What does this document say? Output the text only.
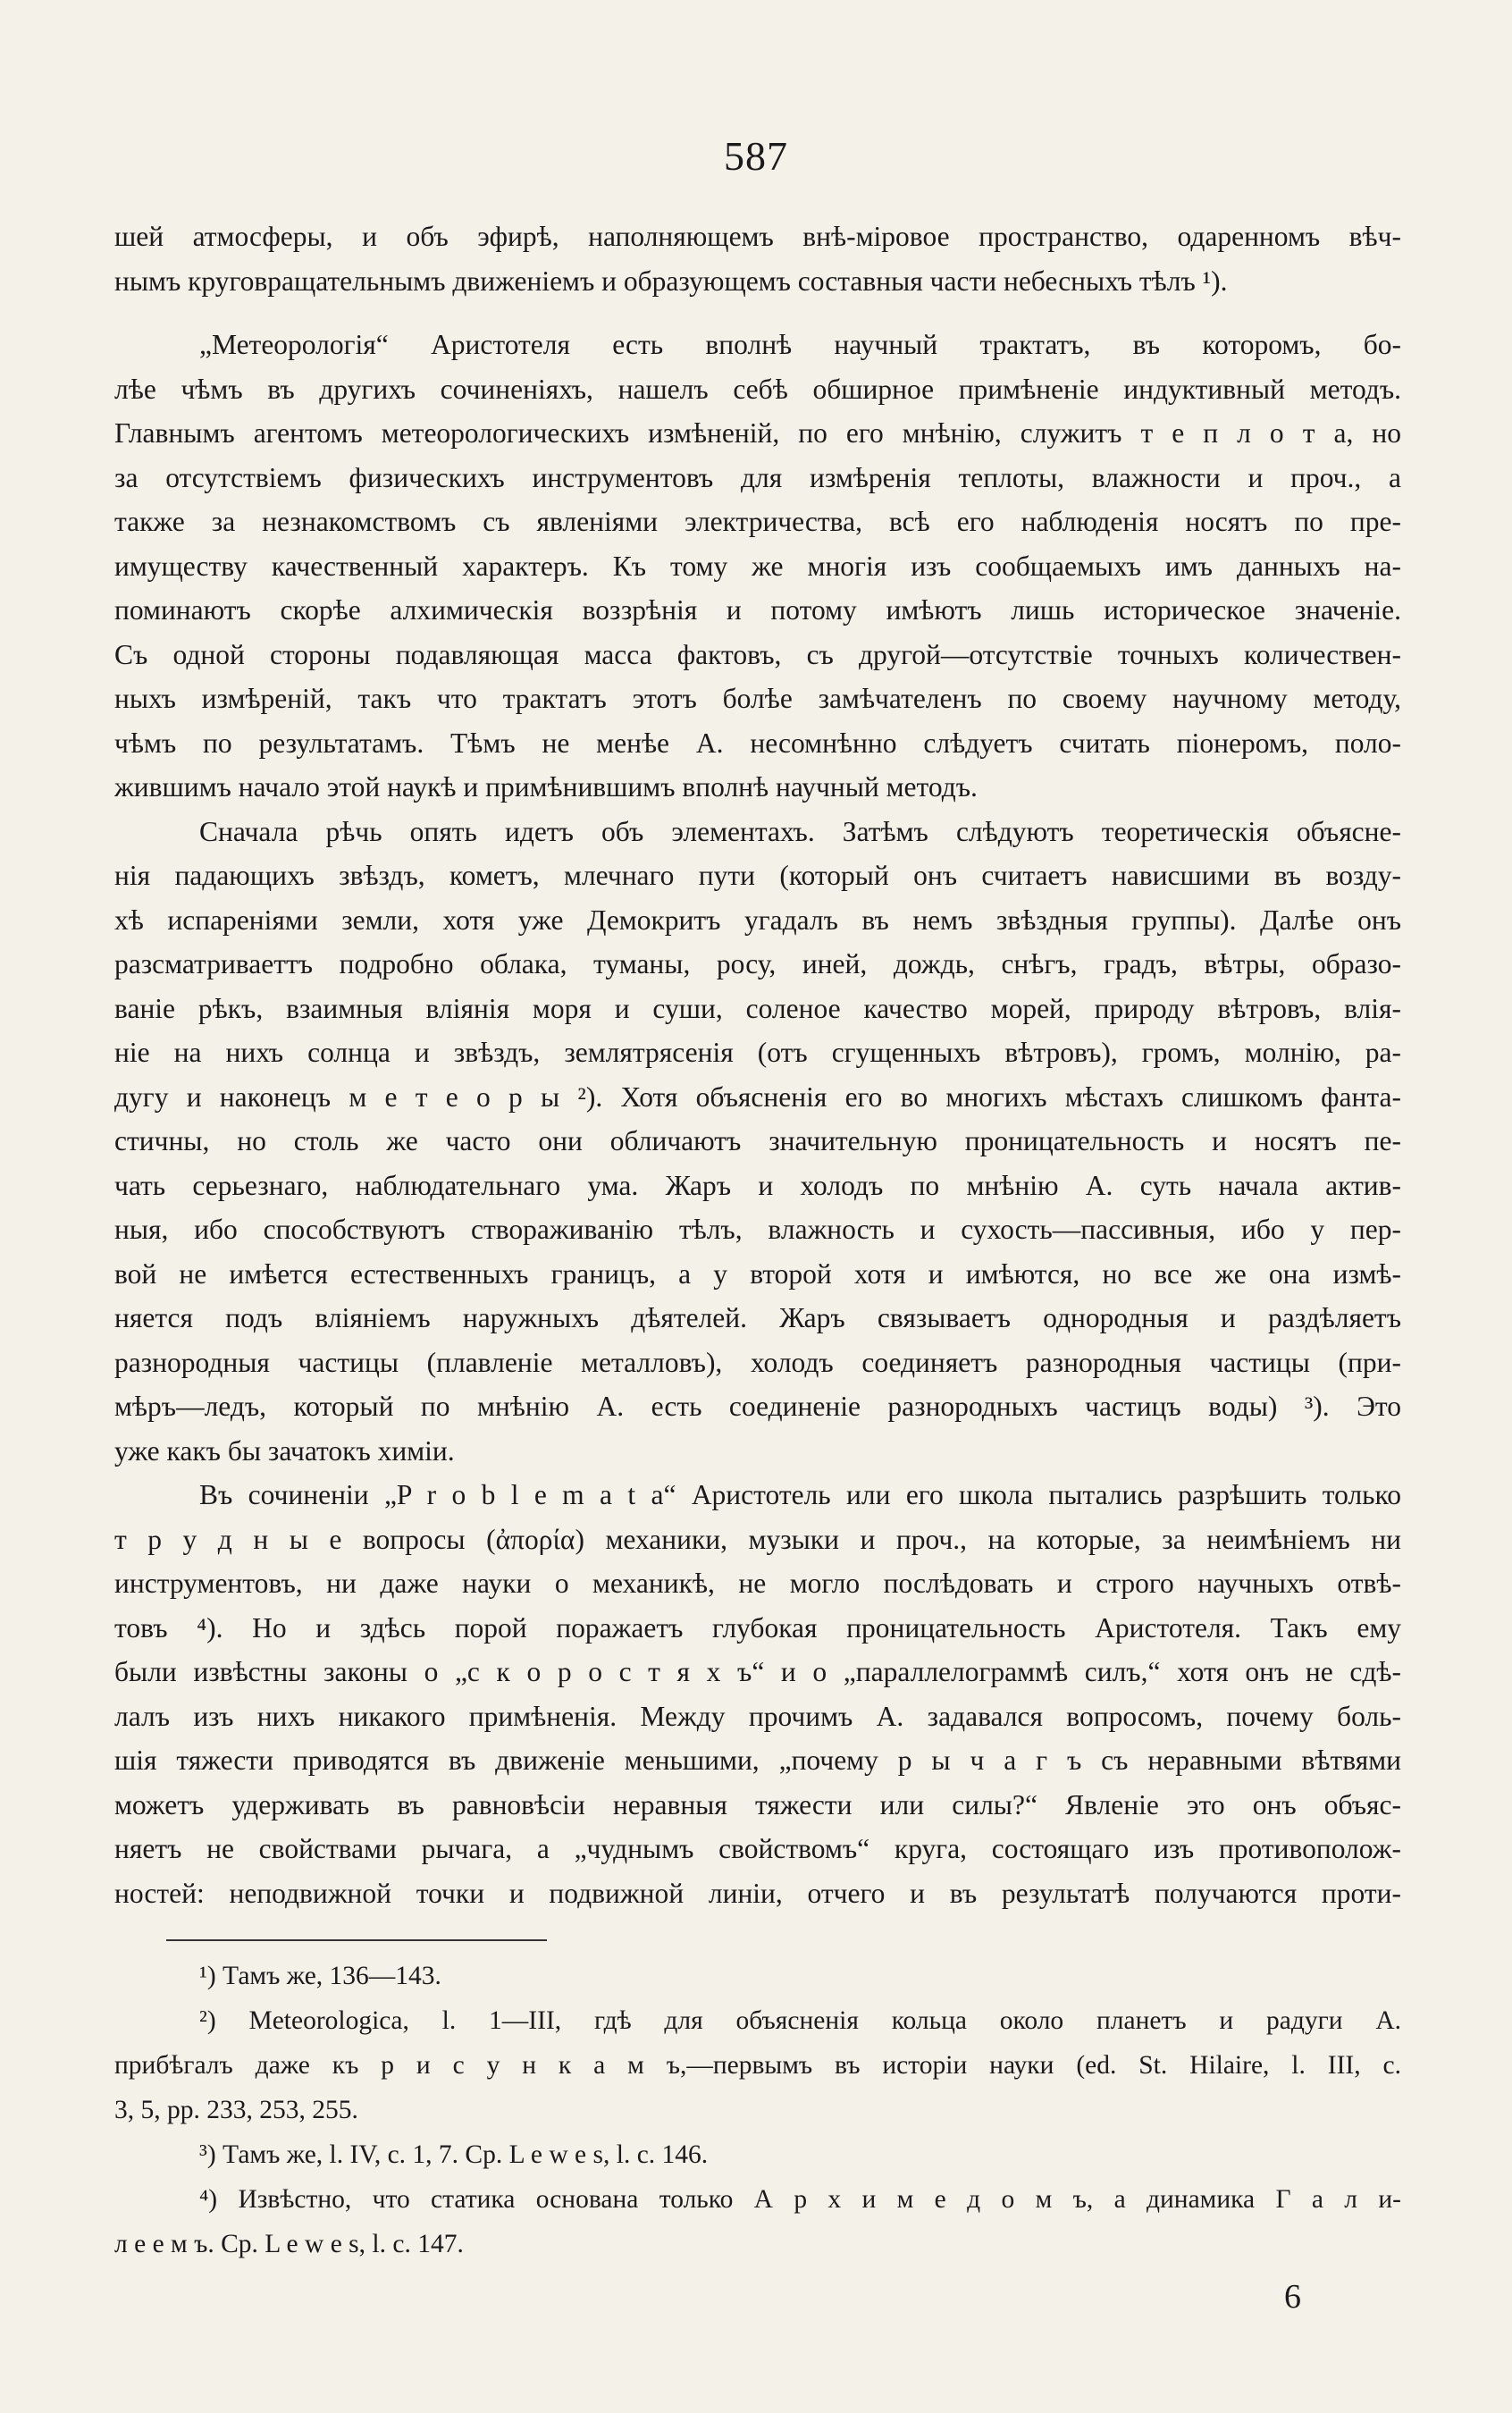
587
шей атмосферы, и объ эфирѣ, наполняющемъ внѣ-міровое пространство, одаренномъ вѣч-
нымъ круговращательнымъ движеніемъ и образующемъ составныя части небесныхъ тѣлъ ¹).
„Метеорологія“ Аристотеля есть вполнѣ научный трактатъ, въ которомъ, бо-
лѣе чѣмъ въ другихъ сочиненіяхъ, нашелъ себѣ обширное примѣненіе индуктивный методъ.
Главнымъ агентомъ метеорологическихъ измѣненій, по его мнѣнію, служитъ т е п л о т а, но
за отсутствіемъ физическихъ инструментовъ для измѣренія теплоты, влажности и проч., а
также за незнакомствомъ съ явленіями электричества, всѣ его наблюденія носятъ по пре-
имуществу качественный характеръ. Къ тому же многія изъ сообщаемыхъ имъ данныхъ на-
поминаютъ скорѣе алхимическія воззрѣнія и потому имѣютъ лишь историческое значеніе.
Съ одной стороны подавляющая масса фактовъ, съ другой—отсутствіе точныхъ количествен-
ныхъ измѣреній, такъ что трактатъ этотъ болѣе замѣчателенъ по своему научному методу,
чѣмъ по результатамъ. Тѣмъ не менѣе А. несомнѣнно слѣдуетъ считать піонеромъ, поло-
жившимъ начало этой наукѣ и примѣнившимъ вполнѣ научный методъ.
Сначала рѣчь опять идетъ объ элементахъ. Затѣмъ слѣдуютъ теоретическія объясне-
нія падающихъ звѣздъ, кометъ, млечнаго пути (который онъ считаетъ нависшими въ возду-
хѣ испареніями земли, хотя уже Демокритъ угадалъ въ немъ звѣздныя группы). Далѣе онъ
разсматриваеттъ подробно облака, туманы, росу, иней, дождь, снѣгъ, градъ, вѣтры, образо-
ваніе рѣкъ, взаимныя вліянія моря и суши, соленое качество морей, природу вѣтровъ, влія-
ніе на нихъ солнца и звѣздъ, землятрясенія (отъ сгущенныхъ вѣтровъ), громъ, молнію, ра-
дугу и наконецъ м е т е о р ы ²). Хотя объясненія его во многихъ мѣстахъ слишкомъ фанта-
стичны, но столь же часто они обличаютъ значительную проницательность и носятъ пе-
чать серьезнаго, наблюдательнаго ума. Жаръ и холодъ по мнѣнію А. суть начала актив-
ныя, ибо способствуютъ створаживанію тѣлъ, влажность и сухость—пассивныя, ибо у пер-
вой не имѣется естественныхъ границъ, а у второй хотя и имѣются, но все же она измѣ-
няется подъ вліяніемъ наружныхъ дѣятелей. Жаръ связываетъ однородныя и раздѣляетъ
разнородныя частицы (плавленіе металловъ), холодъ соединяетъ разнородныя частицы (при-
мѣръ—ледъ, который по мнѣнію А. есть соединеніе разнородныхъ частицъ воды) ³). Это
уже какъ бы зачатокъ химіи.
Въ сочиненіи „P r o b l e m a t a“ Аристотель или его школа пытались разрѣшить только
т р у д н ы е вопросы (ἀπορία) механики, музыки и проч., на которые, за неимѣніемъ ни
инструментовъ, ни даже науки о механикѣ, не могло послѣдовать и строго научныхъ отвѣ-
товъ ⁴). Но и здѣсь порой поражаетъ глубокая проницательность Аристотеля. Такъ ему
были извѣстны законы о „с к о р о с т я х ъ“ и о „параллелограммѣ силъ,“ хотя онъ не сдѣ-
лалъ изъ нихъ никакого примѣненія. Между прочимъ А. задавался вопросомъ, почему боль-
шія тяжести приводятся въ движеніе меньшими, „почему р ы ч а г ъ съ неравными вѣтвями
можетъ удерживать въ равновѣсіи неравныя тяжести или силы?“ Явленіе это онъ объяс-
няетъ не свойствами рычага, а „чуднымъ свойствомъ“ круга, состоящаго изъ противополож-
ностей: неподвижной точки и подвижной линіи, отчего и въ результатѣ получаются проти-
¹) Тамъ же, 136—143.
²) Meteorologica, l. 1—III, гдѣ для объясненія кольца около планетъ и радуги А.
прибѣгалъ даже къ р и с у н к а м ъ,—первымъ въ исторіи науки (ed. St. Hilaire, l. III, c.
3, 5, pp. 233, 253, 255.
³) Тамъ же, l. IV, c. 1, 7. Ср. L e w e s, l. c. 146.
⁴) Извѣстно, что статика основана только А р х и м е д о м ъ, а динамика Г а л и-
л е е м ъ. Ср. L e w e s, l. c. 147.
6
